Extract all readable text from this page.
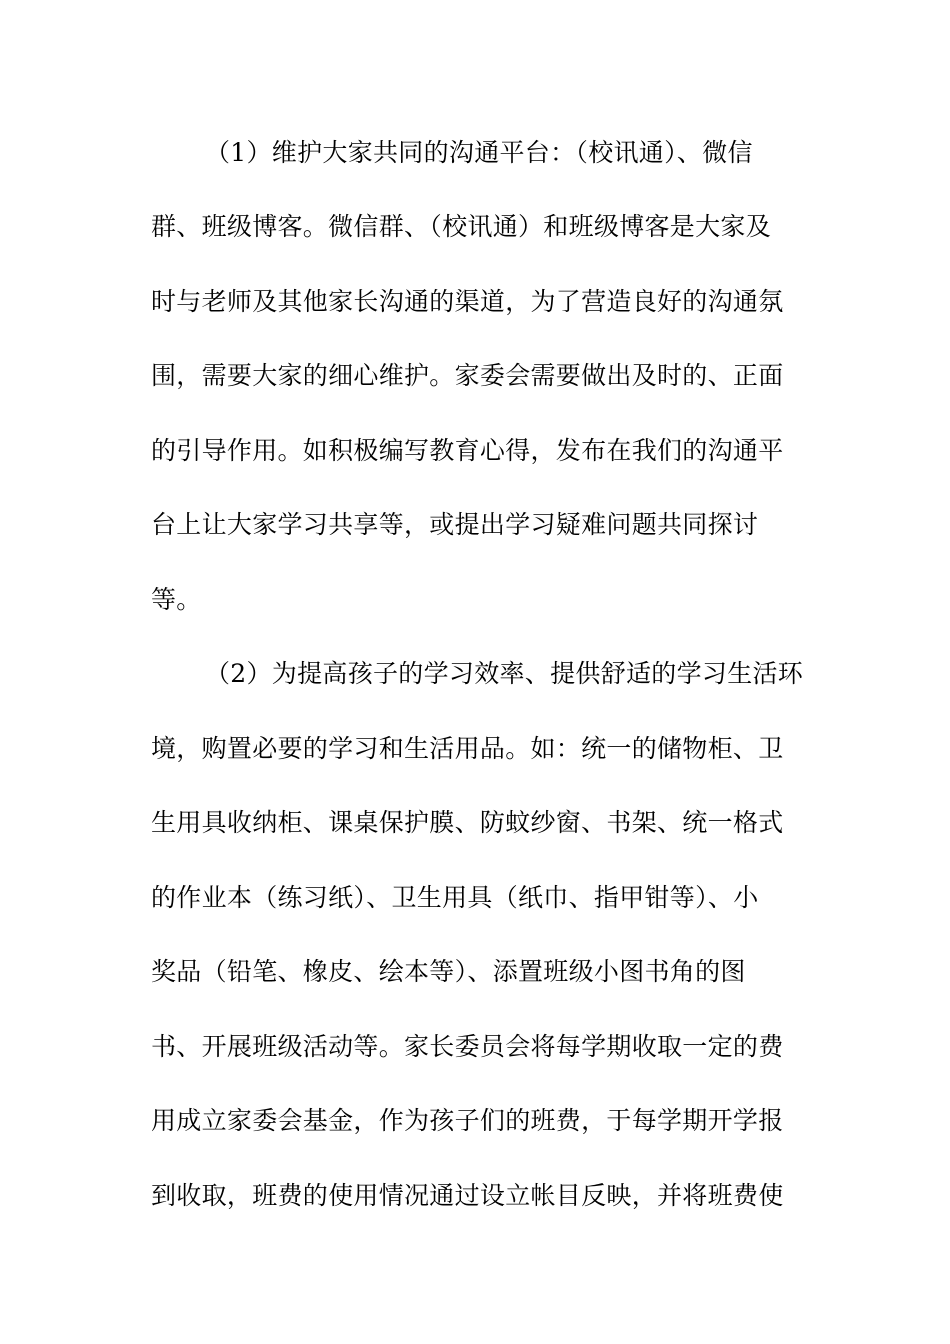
（1）维护大家共同的沟通平台：（校讯通）、微信
群、班级博客。微信群、（校讯通）和班级博客是大家及
时与老师及其他家长沟通的渠道，为了营造良好的沟通氛
围，需要大家的细心维护。家委会需要做出及时的、正面
的引导作用。如积极编写教育心得，发布在我们的沟通平
台上让大家学习共享等，或提出学习疑难问题共同探讨
等。
（2）为提高孩子的学习效率、提供舒适的学习生活环
境，购置必要的学习和生活用品。如：统一的储物柜、卫
生用具收纳柜、课桌保护膜、防蚊纱窗、书架、统一格式
的作业本（练习纸）、卫生用具（纸巾、指甲钳等）、小
奖品（铅笔、橡皮、绘本等）、添置班级小图书角的图
书、开展班级活动等。家长委员会将每学期收取一定的费
用成立家委会基金，作为孩子们的班费，于每学期开学报
到收取，班费的使用情况通过设立帐目反映，并将班费使
